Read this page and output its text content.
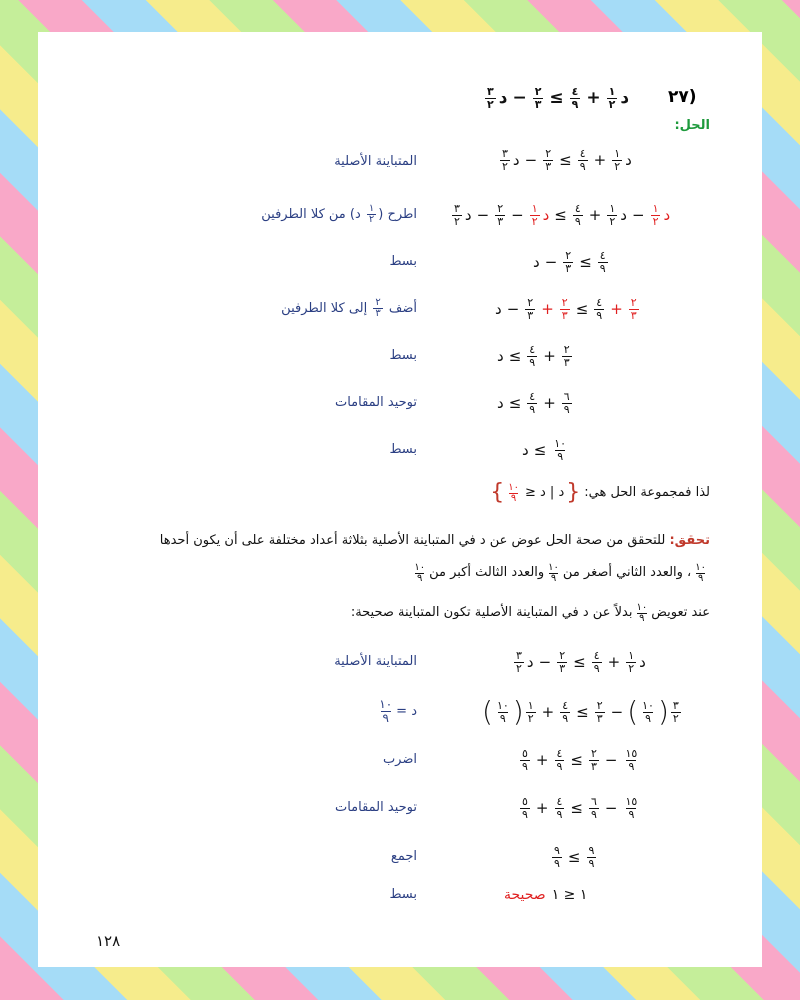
$\frac{٣}{٢}$ د − $\frac{٢}{٣} \le \frac{٤}{٩} + \frac{١}{٢}$ د ٢٧)
الحل:
$\frac{٣}{٢}$ د − $\frac{٢}{٣} \le \frac{٤}{٩} + \frac{١}{٢}$ د
المتباينة الأصلية
$\frac{٣}{٢}$ د − $\frac{٢}{٣} - \frac{١}{٢}$ د ≤ $\frac{٤}{٩} + \frac{١}{٢}$ د − $\frac{١}{٢}$ د
اطرح (
$\frac{١}{٢}$
د) من كلا الطرفين
د − $\frac{٢}{٣} \le \frac{٤}{٩}$
بسط
د − $\frac{٢}{٣} + \frac{٢}{٣} \le \frac{٤}{٩} + \frac{٢}{٣}$
أضف
$\frac{٢}{٣}$
إلى كلا الطرفين
د ≤ $\frac{٤}{٩} + \frac{٢}{٣}$
بسط
د ≤ $\frac{٤}{٩} + \frac{٦}{٩}$
توحيد المقامات
د ≤ $\frac{١٠}{٩}$
بسط
لذا فمجموعة الحل هي:
{ $\frac{١٠}{٩}$ د | د ≤ }
تحقق: للتحقق من صحة الحل عوض عن د في المتباينة الأصلية بثلاثة أعداد مختلفة على أن يكون أحدها
$\frac{١٠}{٩}$
، والعدد الثاني أصغر من
$\frac{١٠}{٩}$
والعدد الثالث أكبر من
$\frac{١٠}{٩}$
عند تعويض
$\frac{١٠}{٩}$
بدلاً عن د في المتباينة الأصلية تكون المتباينة صحيحة:
$\frac{٣}{٢}$ د − $\frac{٢}{٣} \le \frac{٤}{٩} + \frac{١}{٢}$ د
المتباينة الأصلية
( $\frac{١٠}{٩}$ ) $\frac{١}{٢} + \frac{٤}{٩} \le \frac{٢}{٣}$ − ( $\frac{١٠}{٩}$ ) $\frac{٣}{٢}$
د =
$\frac{١٠}{٩}$
$\frac{٥}{٩} + \frac{٤}{٩} \le \frac{٢}{٣} - \frac{١٥}{٩}$
اضرب
$\frac{٥}{٩} + \frac{٤}{٩} \le \frac{٦}{٩} - \frac{١٥}{٩}$
توحيد المقامات
$\frac{٩}{٩} \le \frac{٩}{٩}$
اجمع
صحيحة ١ ≤ ١
بسط
١٢٨
